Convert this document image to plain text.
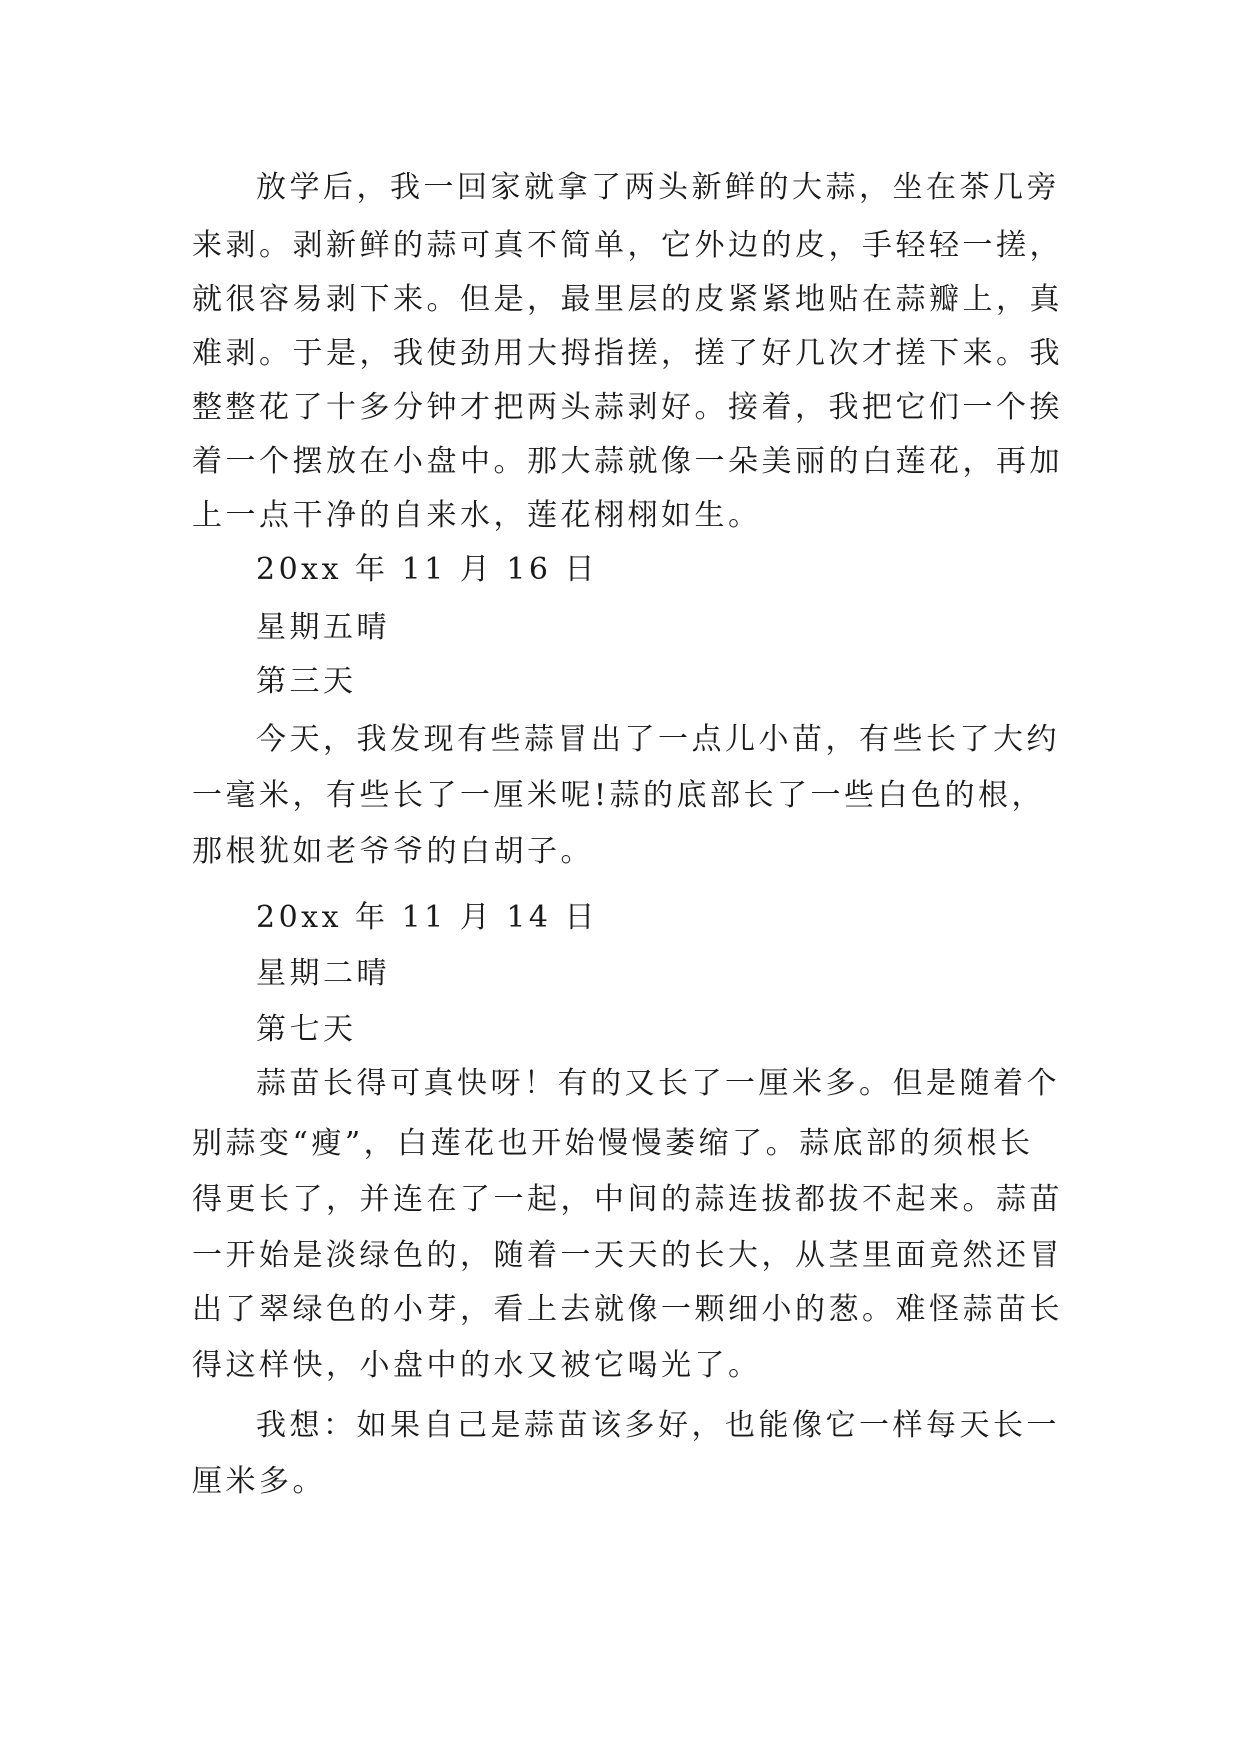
放学后，我一回家就拿了两头新鲜的大蒜，坐在茶几旁
来剥。剥新鲜的蒜可真不简单，它外边的皮，手轻轻一搓，
就很容易剥下来。但是，最里层的皮紧紧地贴在蒜瓣上，真
难剥。于是，我使劲用大拇指搓，搓了好几次才搓下来。我
整整花了十多分钟才把两头蒜剥好。接着，我把它们一个挨
着一个摆放在小盘中。那大蒜就像一朵美丽的白莲花，再加
上一点干净的自来水，莲花栩栩如生。
20xx 年 11 月 16 日
星期五晴
第三天
今天，我发现有些蒜冒出了一点儿小苗，有些长了大约
一毫米，有些长了一厘米呢!蒜的底部长了一些白色的根，
那根犹如老爷爷的白胡子。
20xx 年 11 月 14 日
星期二晴
第七天
蒜苗长得可真快呀！有的又长了一厘米多。但是随着个
别蒜变“瘦”，白莲花也开始慢慢萎缩了。蒜底部的须根长
得更长了，并连在了一起，中间的蒜连拔都拔不起来。蒜苗
一开始是淡绿色的，随着一天天的长大，从茎里面竟然还冒
出了翠绿色的小芽，看上去就像一颗细小的葱。难怪蒜苗长
得这样快，小盘中的水又被它喝光了。
我想：如果自己是蒜苗该多好，也能像它一样每天长一
厘米多。
